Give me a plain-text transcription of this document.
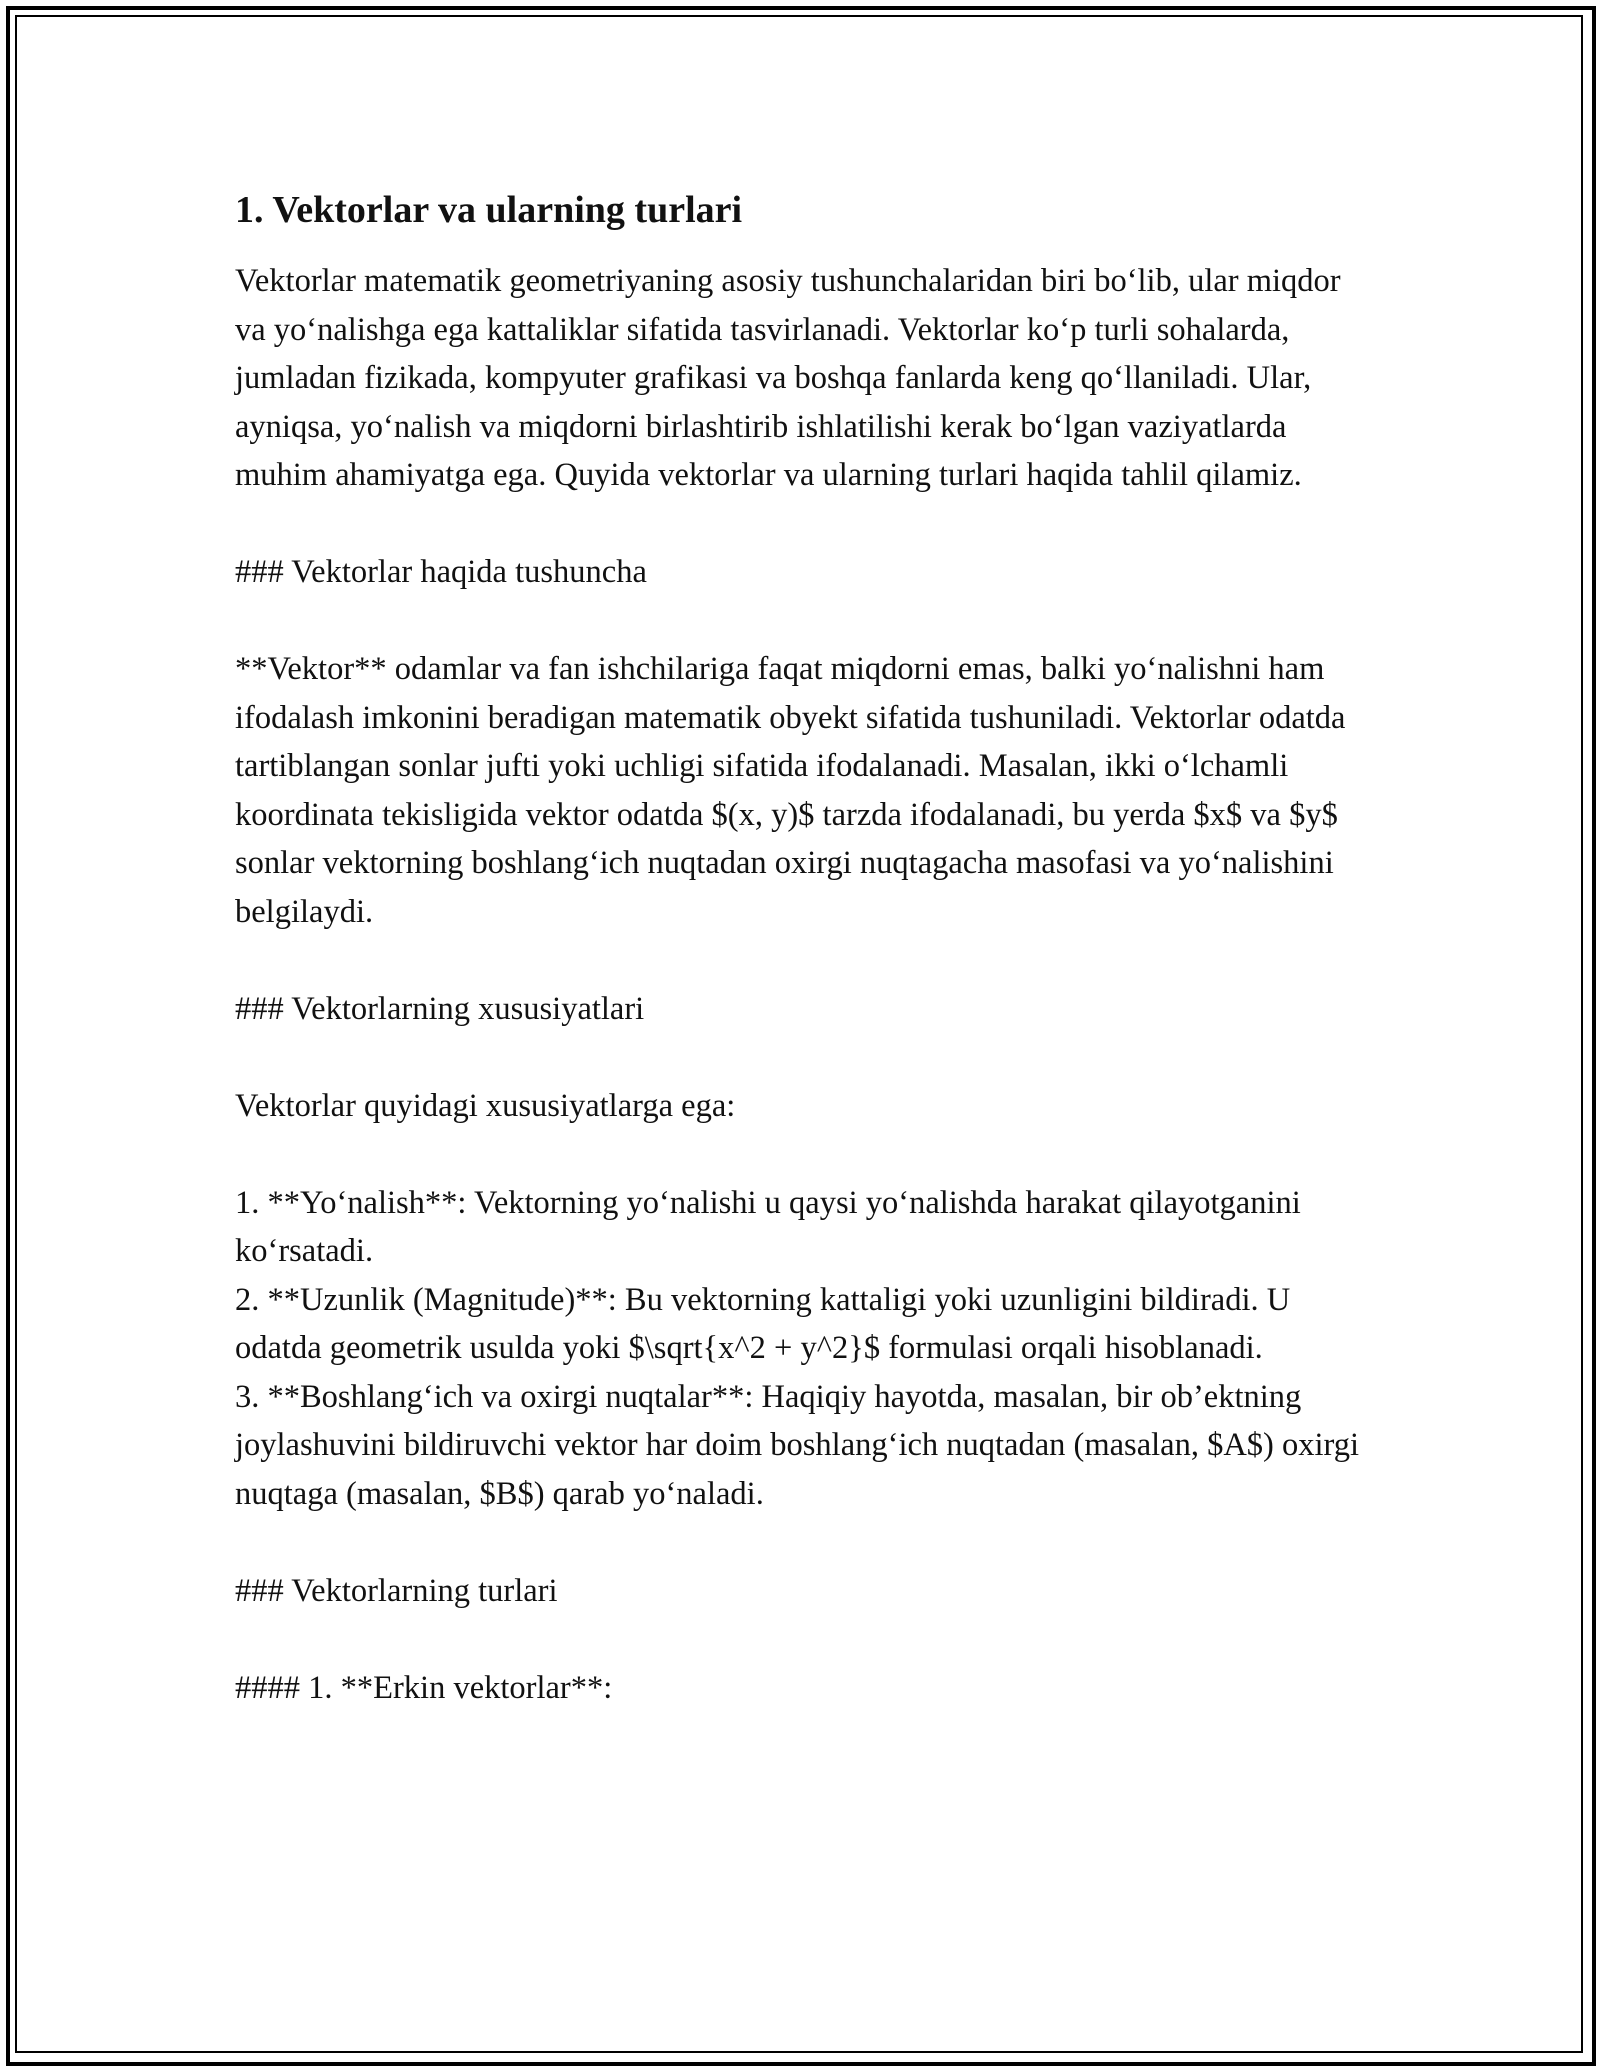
1. Vektorlar va ularning turlari

Vektorlar matematik geometriyaning asosiy tushunchalaridan biri bo‘lib, ular miqdor va yo‘nalishga ega kattaliklar sifatida tasvirlanadi. Vektorlar ko‘p turli sohalarda, jumladan fizikada, kompyuter grafikasi va boshqa fanlarda keng qo‘llaniladi. Ular, ayniqsa, yo‘nalish va miqdorni birlashtirib ishlatilishi kerak bo‘lgan vaziyatlarda muhim ahamiyatga ega. Quyida vektorlar va ularning turlari haqida tahlil qilamiz.

### Vektorlar haqida tushuncha

**Vektor** odamlar va fan ishchilariga faqat miqdorni emas, balki yo‘nalishni ham ifodalash imkonini beradigan matematik obyekt sifatida tushuniladi. Vektorlar odatda tartiblangan sonlar jufti yoki uchligi sifatida ifodalanadi. Masalan, ikki o‘lchamli koordinata tekisligida vektor odatda $(x, y)$ tarzda ifodalanadi, bu yerda $x$ va $y$ sonlar vektorning boshlang‘ich nuqtadan oxirgi nuqtagacha masofasi va yo‘nalishini belgilaydi.

### Vektorlarning xususiyatlari

Vektorlar quyidagi xususiyatlarga ega:

1. **Yo‘nalish**: Vektorning yo‘nalishi u qaysi yo‘nalishda harakat qilayotganini ko‘rsatadi.

2. **Uzunlik (Magnitude)**: Bu vektorning kattaligi yoki uzunligini bildiradi. U odatda geometrik usulda yoki $\sqrt{x^2 + y^2}$ formulasi orqali hisoblanadi.

3. **Boshlang‘ich va oxirgi nuqtalar**: Haqiqiy hayotda, masalan, bir ob’ektning joylashuvini bildiruvchi vektor har doim boshlang‘ich nuqtadan (masalan, $A$) oxirgi nuqtaga (masalan, $B$) qarab yo‘naladi.

### Vektorlarning turlari

#### 1. **Erkin vektorlar**:
